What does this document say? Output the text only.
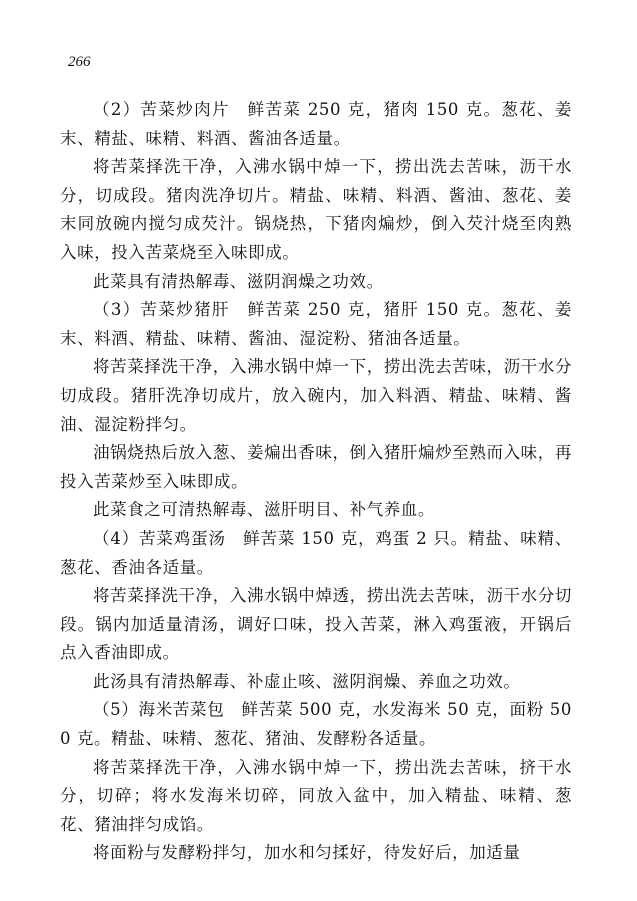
266

（2）苦菜炒肉片　鲜苦菜 250 克，猪肉 150 克。葱花、姜末、精盐、味精、料酒、酱油各适量。

将苦菜择洗干净，入沸水锅中焯一下，捞出洗去苦味，沥干水分，切成段。猪肉洗净切片。精盐、味精、料酒、酱油、葱花、姜末同放碗内搅匀成芡汁。锅烧热，下猪肉煸炒，倒入芡汁烧至肉熟入味，投入苦菜烧至入味即成。

此菜具有清热解毒、滋阴润燥之功效。

（3）苦菜炒猪肝　鲜苦菜 250 克，猪肝 150 克。葱花、姜末、料酒、精盐、味精、酱油、湿淀粉、猪油各适量。

将苦菜择洗干净，入沸水锅中焯一下，捞出洗去苦味，沥干水分切成段。猪肝洗净切成片，放入碗内，加入料酒、精盐、味精、酱油、湿淀粉拌匀。

油锅烧热后放入葱、姜煸出香味，倒入猪肝煸炒至熟而入味，再投入苦菜炒至入味即成。

此菜食之可清热解毒、滋肝明目、补气养血。

（4）苦菜鸡蛋汤　鲜苦菜 150 克，鸡蛋 2 只。精盐、味精、葱花、香油各适量。

将苦菜择洗干净，入沸水锅中焯透，捞出洗去苦味，沥干水分切段。锅内加适量清汤，调好口味，投入苦菜，淋入鸡蛋液，开锅后点入香油即成。

此汤具有清热解毒、补虚止咳、滋阴润燥、养血之功效。

（5）海米苦菜包　鲜苦菜 500 克，水发海米 50 克，面粉 500 克。精盐、味精、葱花、猪油、发酵粉各适量。

将苦菜择洗干净，入沸水锅中焯一下，捞出洗去苦味，挤干水分，切碎；将水发海米切碎，同放入盆中，加入精盐、味精、葱花、猪油拌匀成馅。

将面粉与发酵粉拌匀，加水和匀揉好，待发好后，加适量
